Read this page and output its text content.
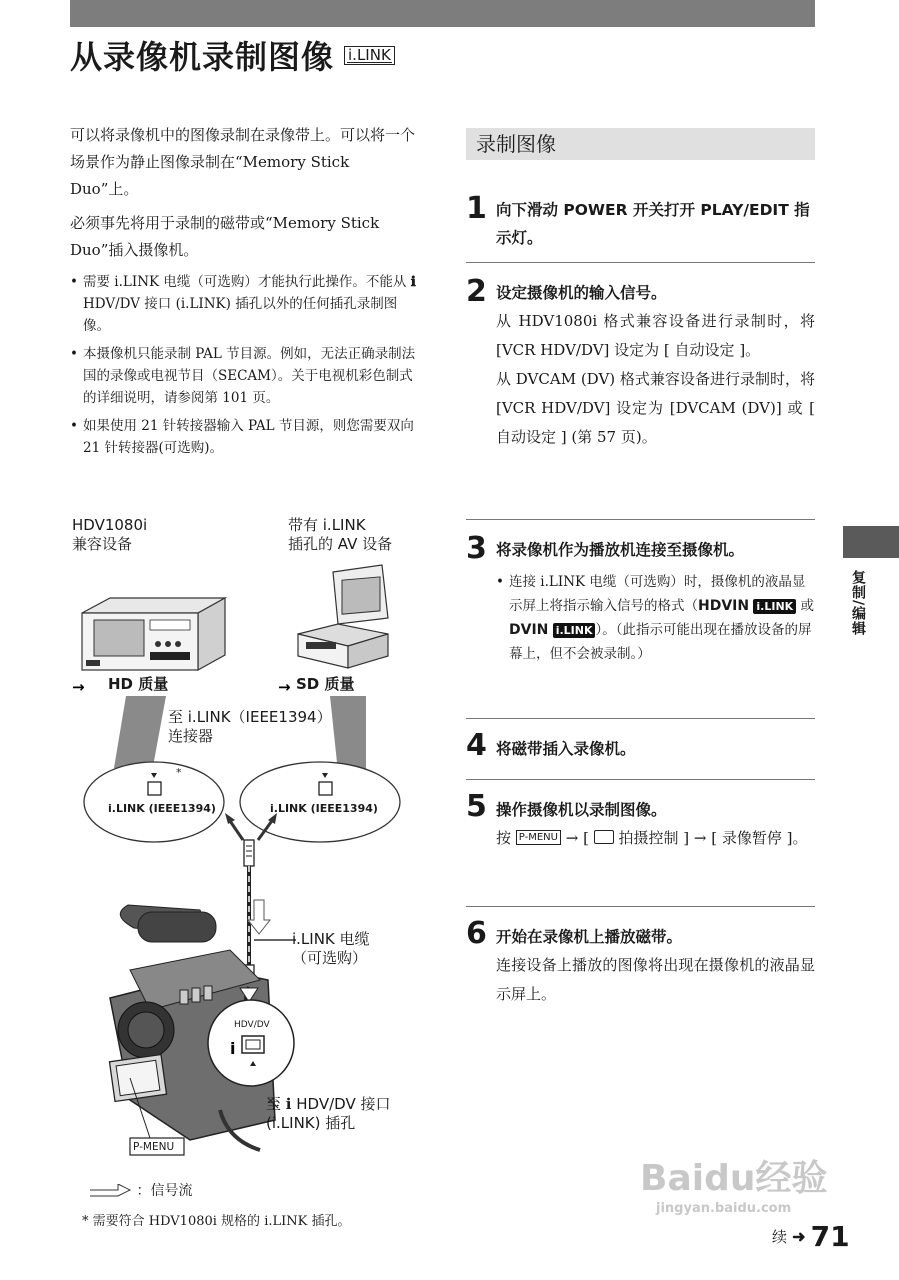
从录像机录制图像 i.LINK

可以将录像机中的图像录制在录像带上。可以将一个场景作为静止图像录制在“Memory Stick Duo”上。

必须事先将用于录制的磁带或“Memory Stick Duo”插入摄像机。

• 需要 i.LINK 电缆（可选购）才能执行此操作。不能从 ℹ HDV/DV 接口 (i.LINK) 插孔以外的任何插孔录制图像。
• 本摄像机只能录制 PAL 节目源。例如，无法正确录制法国的录像或电视节目（SECAM）。关于电视机彩色制式的详细说明，请参阅第 101 页。
• 如果使用 21 针转接器输入 PAL 节目源，则您需要双向 21 针转接器(可选购)。
HDV1080i
兼容设备
带有 i.LINK
插孔的 AV 设备
→	→
i
HD 质量	SD 质量
至 i.LINK（IEEE1394）
连接器
*
i.LINK (IEEE1394)	i.LINK (IEEE1394)
i.LINK 电缆
（可选购）
HDV/DV
至 ℹ HDV/DV 接口
(i.LINK) 插孔
P-MENU
：信号流
* 需要符合 HDV1080i 规格的 i.LINK 插孔。
录制图像
1 向下滑动 POWER 开关打开 PLAY/EDIT 指示灯。
2 设定摄像机的输入信号。
从 HDV1080i 格式兼容设备进行录制时，将 [VCR HDV/DV] 设定为 [ 自动设定 ]。
从 DVCAM (DV) 格式兼容设备进行录制时，将 [VCR HDV/DV] 设定为 [DVCAM (DV)] 或 [ 自动设定 ] (第 57 页)。
3 将录像机作为播放机连接至摄像机。
• 连接 i.LINK 电缆（可选购）时，摄像机的液晶显示屏上将指示输入信号的格式（HDVIN i.LINK 或 DVIN i.LINK ）。（此指示可能出现在播放设备的屏幕上，但不会被录制。）
4 将磁带插入录像机。
5 操作摄像机以录制图像。
按 P-MENU → [ 拍摄控制 ] → [ 录像暂停 ]。
6 开始在录像机上播放磁带。
连接设备上播放的图像将出现在摄像机的液晶显示屏上。
复制/编辑
Baidu经验
jingyan.baidu.com
续 ➜ 71
